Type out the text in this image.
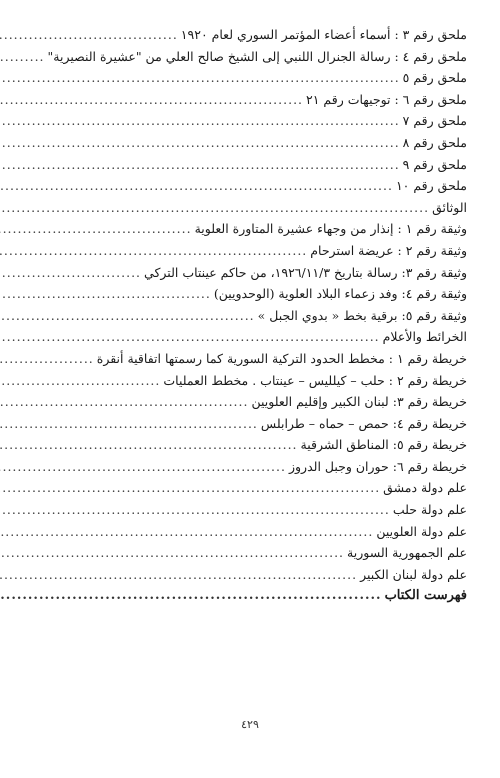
ملحق رقم ٣ : أسماء أعضاء المؤتمر السوري لعام ١٩٢٠
.....
ملحق رقم ٤ : رسالة الجنرال اللنبي إلى الشيخ صالح العلي من "عشيرة النصيرية"
.....
ملحق رقم ٥
.....
ملحق رقم ٦ : توجيهات رقم ٢١
.....
ملحق رقم ٧
.....
ملحق رقم ٨
.....
ملحق رقم ٩
.....
ملحق رقم ١٠
.....
الوثائق
.....
وثيقة رقم ١ : إنذار من وجهاء عشيرة المتاورة العلوية
.....
وثيقة رقم ٢ : عريضة استرحام
.....
وثيقة رقم ٣: رسالة بتاريخ ١٩٢٦/١١/٣، من حاكم عينتاب التركي
.....
وثيقة رقم ٤: وفد زعماء البلاد العلوية (الوحدويين)
.....
وثيقة رقم ٥: برقية بخط « بدوي الجبل »
.....
الخرائط والأعلام
.....
خريطة رقم ١ : مخطط الحدود التركية السورية كما رسمتها اتفاقية أنقرة
.....
خريطة رقم ٢ : حلب – كيلليس – عينتاب . مخطط العمليات
.....
خريطة رقم ٣: لبنان الكبير وإقليم العلويين
.....
خريطة رقم ٤: حمص – حماه – طرابلس
.....
خريطة رقم ٥: المناطق الشرقية
.....
خريطة رقم ٦: حوران وجبل الدروز
.....
علم دولة دمشق
.....
علم دولة حلب
.....
علم دولة العلويين
.....
علم الجمهورية السورية
.....
علم دولة لبنان الكبير
.....
فهرست الكتاب
.....
٤٢٩
